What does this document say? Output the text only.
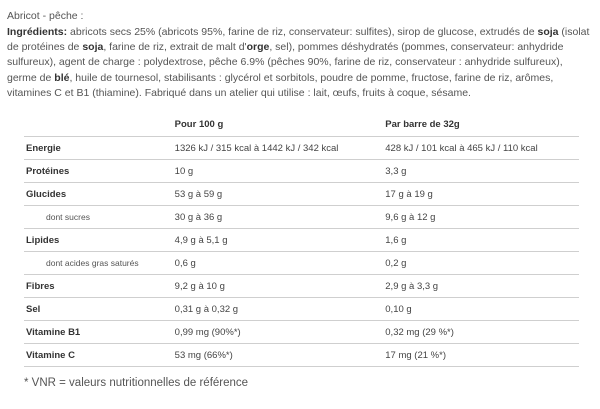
Abricot - pêche :
Ingrédients: abricots secs 25% (abricots 95%, farine de riz, conservateur: sulfites), sirop de glucose, extrudés de soja (isolat de protéines de soja, farine de riz, extrait de malt d'orge, sel), pommes déshydratés (pommes, conservateur: anhydride sulfureux), agent de charge : polydextrose, pêche 6.9% (pêches 90%, farine de riz, conservateur : anhydride sulfureux), germe de blé, huile de tournesol, stabilisants : glycérol et sorbitols, poudre de pomme, fructose, farine de riz, arômes, vitamines C et B1 (thiamine). Fabriqué dans un atelier qui utilise : lait, œufs, fruits à coque, sésame.
	Pour 100 g	Par barre de 32g
Energie	1326 kJ / 315 kcal à 1442 kJ / 342 kcal	428 kJ / 101 kcal à 465 kJ / 110 kcal
Protéines	10 g	3,3 g
Glucides	53 g à 59 g	17 g à 19 g
dont sucres	30 g à 36 g	9,6 g à 12 g
Lipides	4,9 g à 5,1 g	1,6 g
dont acides gras saturés	0,6 g	0,2 g
Fibres	9,2 g à 10 g	2,9 g à 3,3 g
Sel	0,31 g à 0,32 g	0,10 g
Vitamine B1	0,99 mg (90%*)	0,32 mg (29 %*)
Vitamine C	53 mg (66%*)	17 mg (21 %*)
* VNR = valeurs nutritionnelles de référence
